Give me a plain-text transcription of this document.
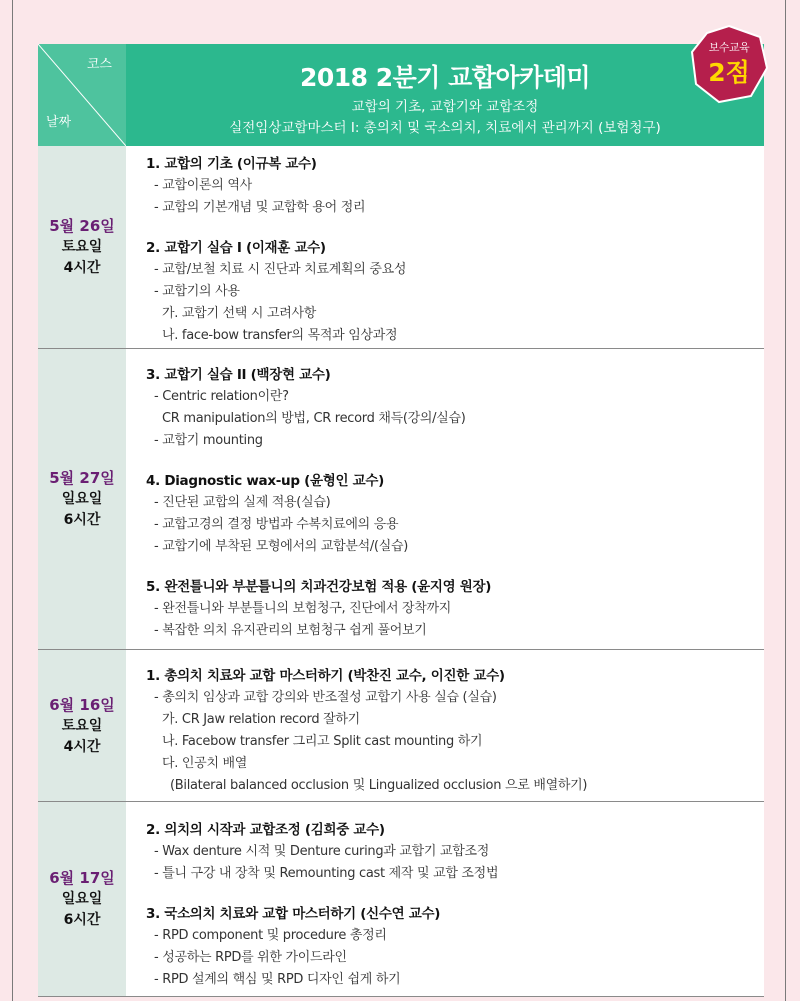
코스
날짜
2018 2분기 교합아카데미
교합의 기초, 교합기와 교합조정
실전임상교합마스터 I: 총의치 및 국소의치, 치료에서 관리까지 (보험청구)
보수교육
2점
5월 26일
토요일
4시간
1. 교합의 기초 (이규복 교수)
- 교합이론의 역사
- 교합의 기본개념 및 교합학 용어 정리
2. 교합기 실습 I (이재훈 교수)
- 교합/보철 치료 시 진단과 치료계획의 중요성
- 교합기의 사용
가. 교합기 선택 시 고려사항
나. face-bow transfer의 목적과 임상과정
5월 27일
일요일
6시간
3. 교합기 실습 II (백장현 교수)
- Centric relation이란?
CR manipulation의 방법, CR record 채득(강의/실습)
- 교합기 mounting
4. Diagnostic wax-up (윤형인 교수)
- 진단된 교합의 실제 적용(실습)
- 교합고경의 결정 방법과 수복치료에의 응용
- 교합기에 부착된 모형에서의 교합분석/(실습)
5. 완전틀니와 부분틀니의 치과건강보험 적용 (윤지영 원장)
- 완전틀니와 부분틀니의 보험청구, 진단에서 장착까지
- 복잡한 의치 유지관리의 보험청구 쉽게 풀어보기
6월 16일
토요일
4시간
1. 총의치 치료와 교합 마스터하기 (박찬진 교수, 이진한 교수)
- 총의치 임상과 교합 강의와 반조절성 교합기 사용 실습 (실습)
가. CR Jaw relation record 잘하기
나. Facebow transfer 그리고 Split cast mounting 하기
다. 인공치 배열
(Bilateral balanced occlusion 및 Lingualized occlusion 으로 배열하기)
6월 17일
일요일
6시간
2. 의치의 시작과 교합조정 (김희중 교수)
- Wax denture 시적 및 Denture curing과 교합기 교합조정
- 틀니 구강 내 장착 및 Remounting cast 제작 및 교합 조정법
3. 국소의치 치료와 교합 마스터하기 (신수연 교수)
- RPD component 및 procedure 총정리
- 성공하는 RPD를 위한 가이드라인
- RPD 설계의 핵심 및 RPD 디자인 쉽게 하기
